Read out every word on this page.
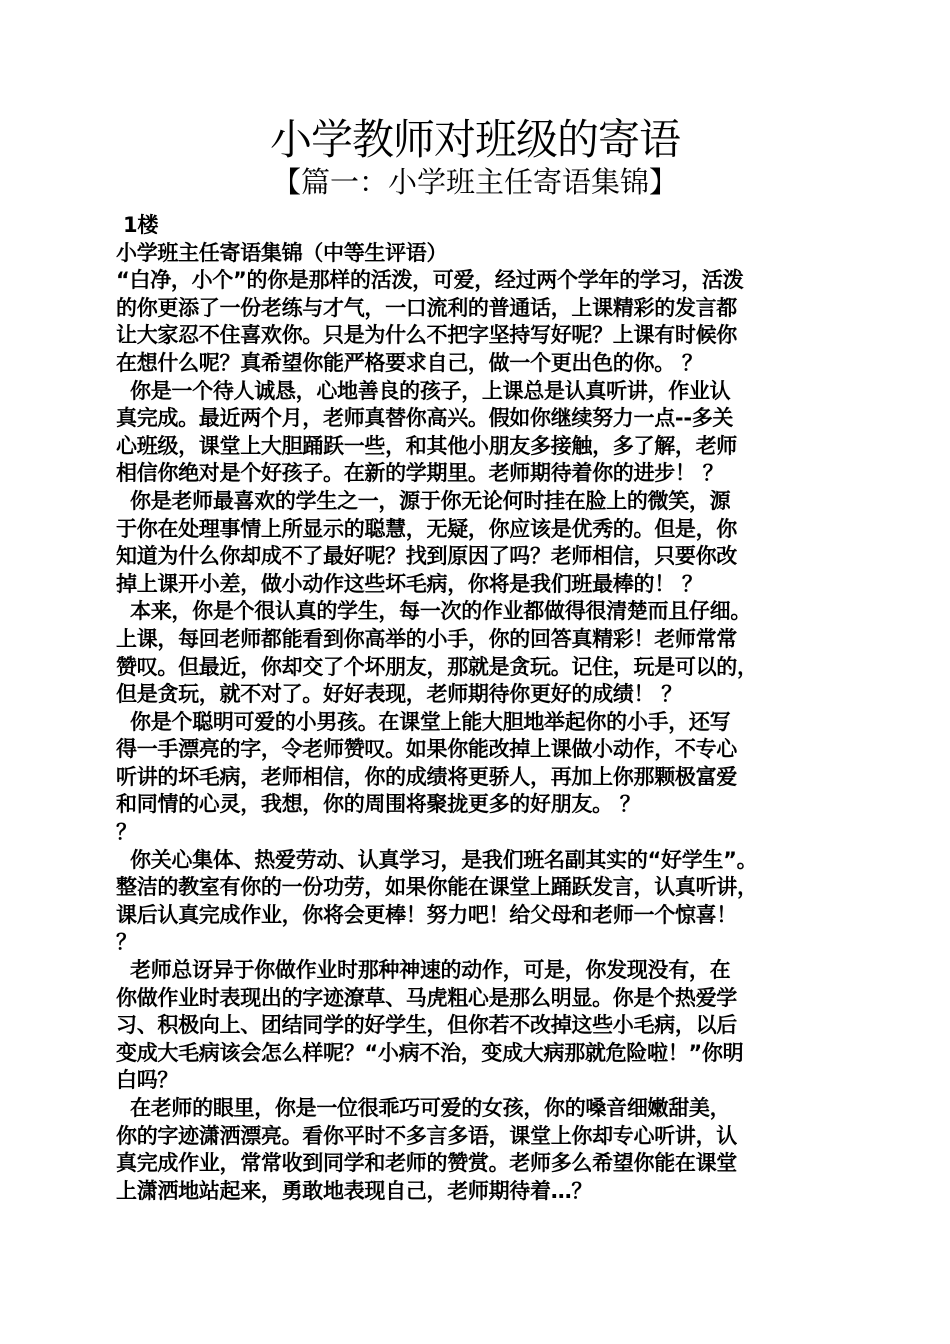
小学教师对班级的寄语
【篇一：小学班主任寄语集锦】
1楼
小学班主任寄语集锦（中等生评语）
“白净，小个”的你是那样的活泼，可爱，经过两个学年的学习，活泼
的你更添了一份老练与才气，一口流利的普通话，上课精彩的发言都
让大家忍不住喜欢你。只是为什么不把字坚持写好呢？上课有时候你
在想什么呢？真希望你能严格要求自己，做一个更出色的你。 ？
你是一个待人诚恳，心地善良的孩子，上课总是认真听讲，作业认
真完成。最近两个月，老师真替你高兴。假如你继续努力一点--多关
心班级，课堂上大胆踊跃一些，和其他小朋友多接触，多了解，老师
相信你绝对是个好孩子。在新的学期里。老师期待着你的进步！ ？
你是老师最喜欢的学生之一，源于你无论何时挂在脸上的微笑，源
于你在处理事情上所显示的聪慧，无疑，你应该是优秀的。但是，你
知道为什么你却成不了最好呢？找到原因了吗？老师相信，只要你改
掉上课开小差，做小动作这些坏毛病，你将是我们班最棒的！ ？
本来，你是个很认真的学生，每一次的作业都做得很清楚而且仔细。
上课，每回老师都能看到你高举的小手，你的回答真精彩！老师常常
赞叹。但最近，你却交了个坏朋友，那就是贪玩。记住，玩是可以的，
但是贪玩，就不对了。好好表现，老师期待你更好的成绩！ ？
你是个聪明可爱的小男孩。在课堂上能大胆地举起你的小手，还写
得一手漂亮的字，令老师赞叹。如果你能改掉上课做小动作，不专心
听讲的坏毛病，老师相信，你的成绩将更骄人，再加上你那颗极富爱
和同情的心灵，我想，你的周围将聚拢更多的好朋友。 ？
？
你关心集体、热爱劳动、认真学习，是我们班名副其实的“好学生”。
整洁的教室有你的一份功劳，如果你能在课堂上踊跃发言，认真听讲，
课后认真完成作业，你将会更棒！努力吧！给父母和老师一个惊喜！
？
老师总讶异于你做作业时那种神速的动作，可是，你发现没有，在
你做作业时表现出的字迹潦草、马虎粗心是那么明显。你是个热爱学
习、积极向上、团结同学的好学生，但你若不改掉这些小毛病，以后
变成大毛病该会怎么样呢？“小病不治，变成大病那就危险啦！”你明
白吗？
在老师的眼里，你是一位很乖巧可爱的女孩，你的嗓音细嫩甜美，
你的字迹潇洒漂亮。看你平时不多言多语，课堂上你却专心听讲，认
真完成作业，常常收到同学和老师的赞赏。老师多么希望你能在课堂
上潇洒地站起来，勇敢地表现自己，老师期待着…？
